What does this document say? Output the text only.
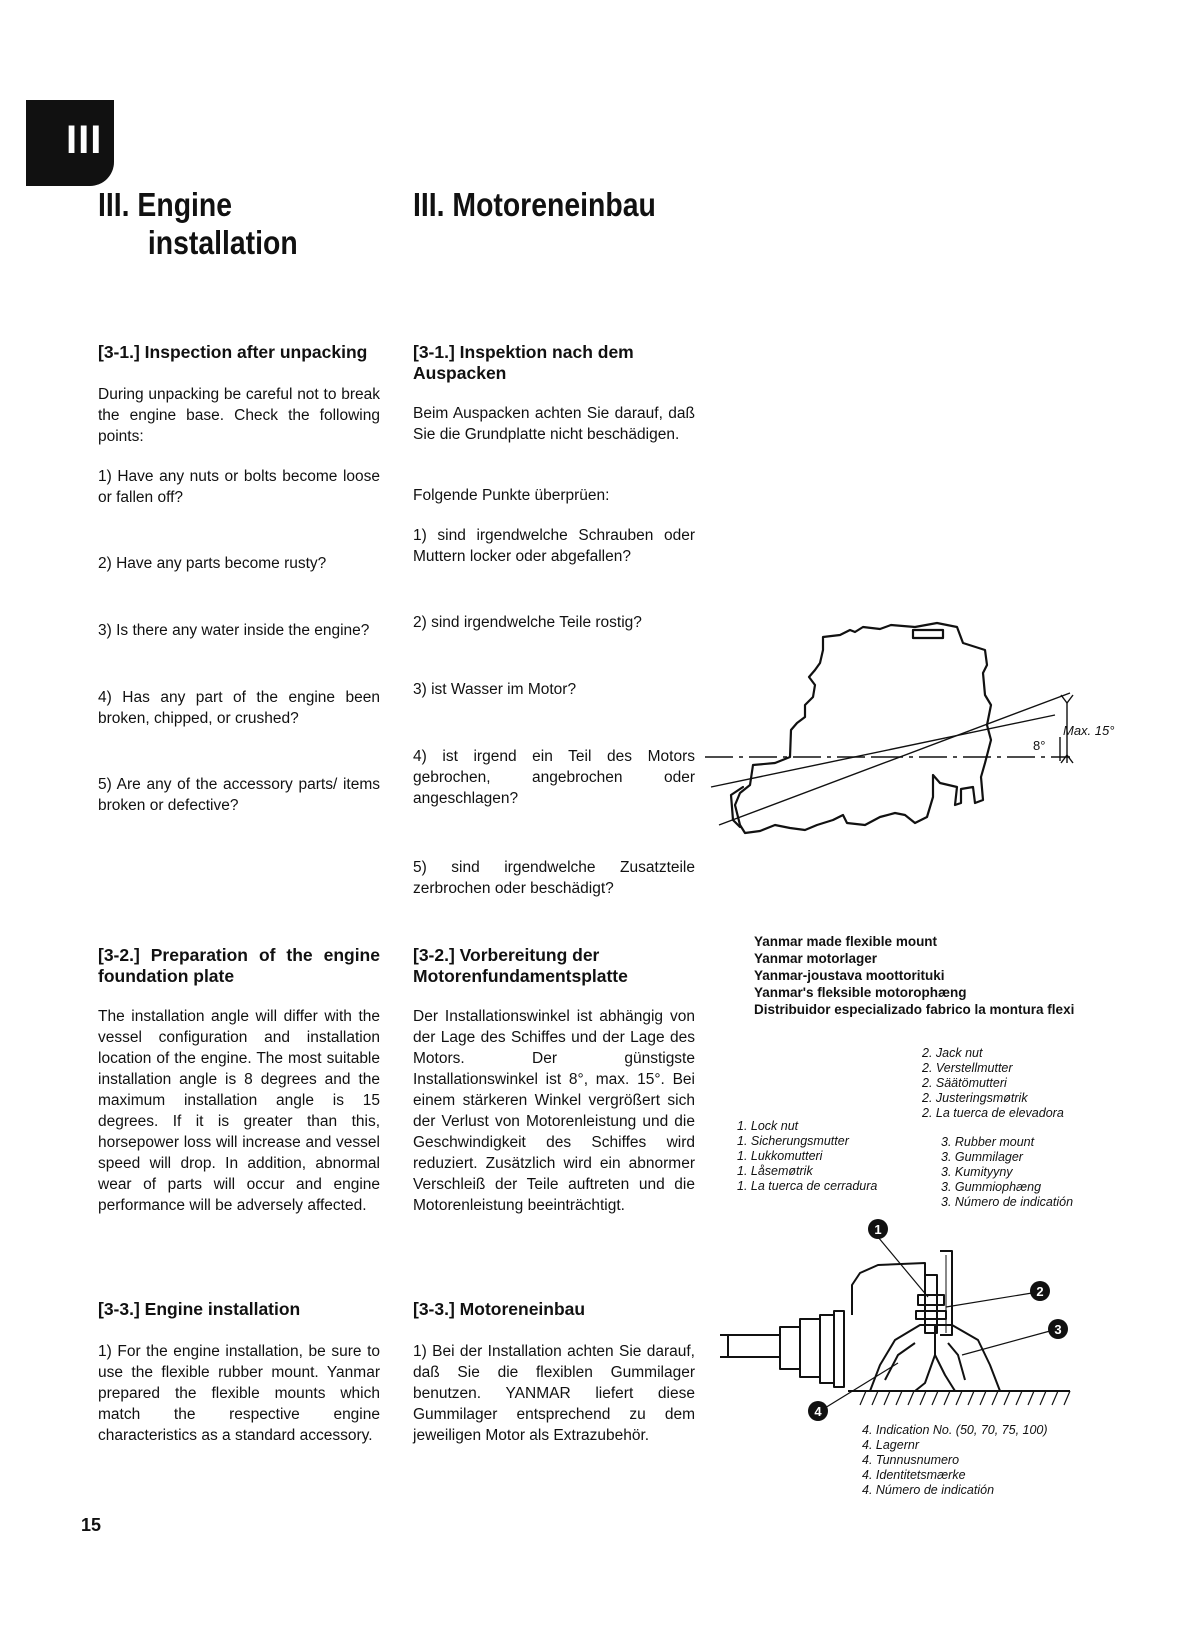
III
III. Engine
installation
III. Motoreneinbau
[3-1.] Inspection after unpacking
During unpacking be careful not to break the engine base. Check the following points:
1) Have any nuts or bolts become loose or fallen off?
2) Have any parts become rusty?
3) Is there any water inside the engine?
4) Has any part of the engine been broken, chipped, or crushed?
5) Are any of the accessory parts/ items broken or defective?
[3-2.] Preparation of the engine foundation plate
The installation angle will differ with the vessel configuration and installation location of the engine. The most suitable installation angle is 8 degrees and the maximum installation angle is 15 degrees. If it is greater than this, horsepower loss will increase and vessel speed will drop. In addition, abnormal wear of parts will occur and engine performance will be adversely affected.
[3-3.] Engine installation
1) For the engine installation, be sure to use the flexible rubber mount. Yanmar prepared the flexible mounts which match the respective engine characteristics as a standard accessory.
[3-1.] Inspektion nach dem Auspacken
Beim Auspacken achten Sie darauf, daß Sie die Grundplatte nicht beschädigen.
Folgende Punkte überprüen:
1) sind irgendwelche Schrauben oder Muttern locker oder abgefallen?
2) sind irgendwelche Teile rostig?
3) ist Wasser im Motor?
4) ist irgend ein Teil des Motors gebrochen, angebrochen oder angeschlagen?
5) sind irgendwelche Zusatzteile zerbrochen oder beschädigt?
[3-2.] Vorbereitung der Motorenfundamentsplatte
Der Installationswinkel ist abhängig von der Lage des Schiffes und der Lage des Motors. Der günstigste Installationswinkel ist 8°, max. 15°. Bei einem stärkeren Winkel vergrößert sich der Verlust von Motorenleistung und die Geschwindigkeit des Schiffes wird reduziert. Zusätzlich wird ein abnormer Verschleiß der Teile auftreten und die Motorenleistung beeinträchtigt.
[3-3.] Motoreneinbau
1) Bei der Installation achten Sie darauf, daß Sie die flexiblen Gummilager benutzen. YANMAR liefert diese Gummilager entsprechend zu dem jeweiligen Motor als Extrazubehör.
Max. 15°
8°
Yanmar made flexible mount
Yanmar motorlager
Yanmar-joustava moottorituki
Yanmar's fleksible motorophæng
Distribuidor especializado fabrico la montura flexi
2. Jack nut
2. Verstellmutter
2. Säätömutteri
2. Justeringsmøtrik
2. La tuerca de elevadora
1. Lock nut
1. Sicherungsmutter
1. Lukkomutteri
1. Låsemøtrik
1. La tuerca de cerradura
3. Rubber mount
3. Gummilager
3. Kumityyny
3. Gummiophæng
3. Número de indicatión
1
2
3
4
4. Indication No. (50, 70, 75, 100)
4. Lagernr
4. Tunnusnumero
4. Identitetsmærke
4. Número de indicatión
15
